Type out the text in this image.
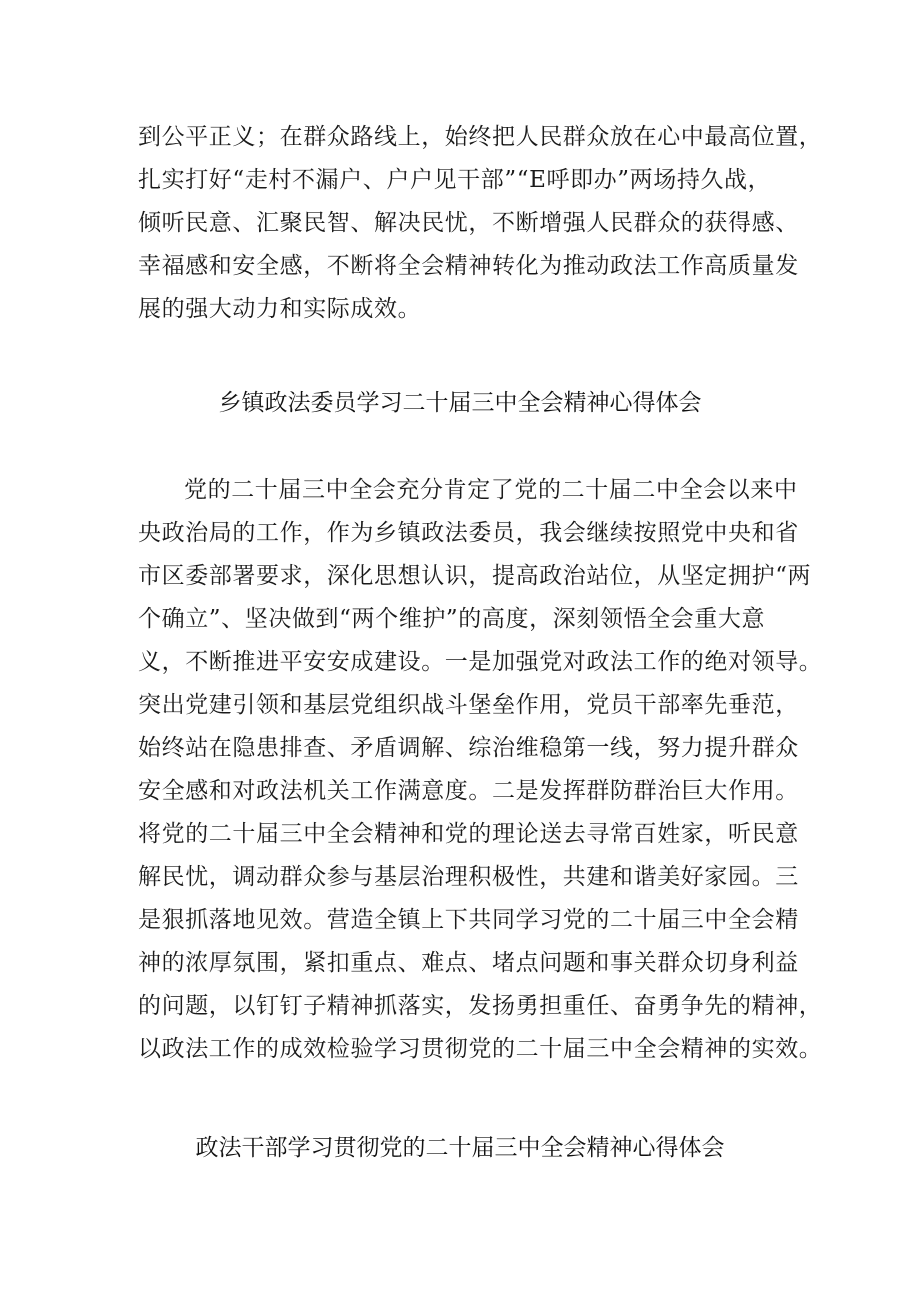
到公平正义；在群众路线上，始终把人民群众放在心中最高位置，
扎实打好“走村不漏户、户户见干部”“E呼即办”两场持久战，
倾听民意、汇聚民智、解决民忧，不断增强人民群众的获得感、
幸福感和安全感，不断将全会精神转化为推动政法工作高质量发
展的强大动力和实际成效。
乡镇政法委员学习二十届三中全会精神心得体会
党的二十届三中全会充分肯定了党的二十届二中全会以来中
央政治局的工作，作为乡镇政法委员，我会继续按照党中央和省
市区委部署要求，深化思想认识，提高政治站位，从坚定拥护“两
个确立”、坚决做到“两个维护”的高度，深刻领悟全会重大意
义，不断推进平安安成建设。一是加强党对政法工作的绝对领导。
突出党建引领和基层党组织战斗堡垒作用，党员干部率先垂范，
始终站在隐患排查、矛盾调解、综治维稳第一线，努力提升群众
安全感和对政法机关工作满意度。二是发挥群防群治巨大作用。
将党的二十届三中全会精神和党的理论送去寻常百姓家，听民意
解民忧，调动群众参与基层治理积极性，共建和谐美好家园。三
是狠抓落地见效。营造全镇上下共同学习党的二十届三中全会精
神的浓厚氛围，紧扣重点、难点、堵点问题和事关群众切身利益
的问题，以钉钉子精神抓落实，发扬勇担重任、奋勇争先的精神，
以政法工作的成效检验学习贯彻党的二十届三中全会精神的实效。
政法干部学习贯彻党的二十届三中全会精神心得体会
